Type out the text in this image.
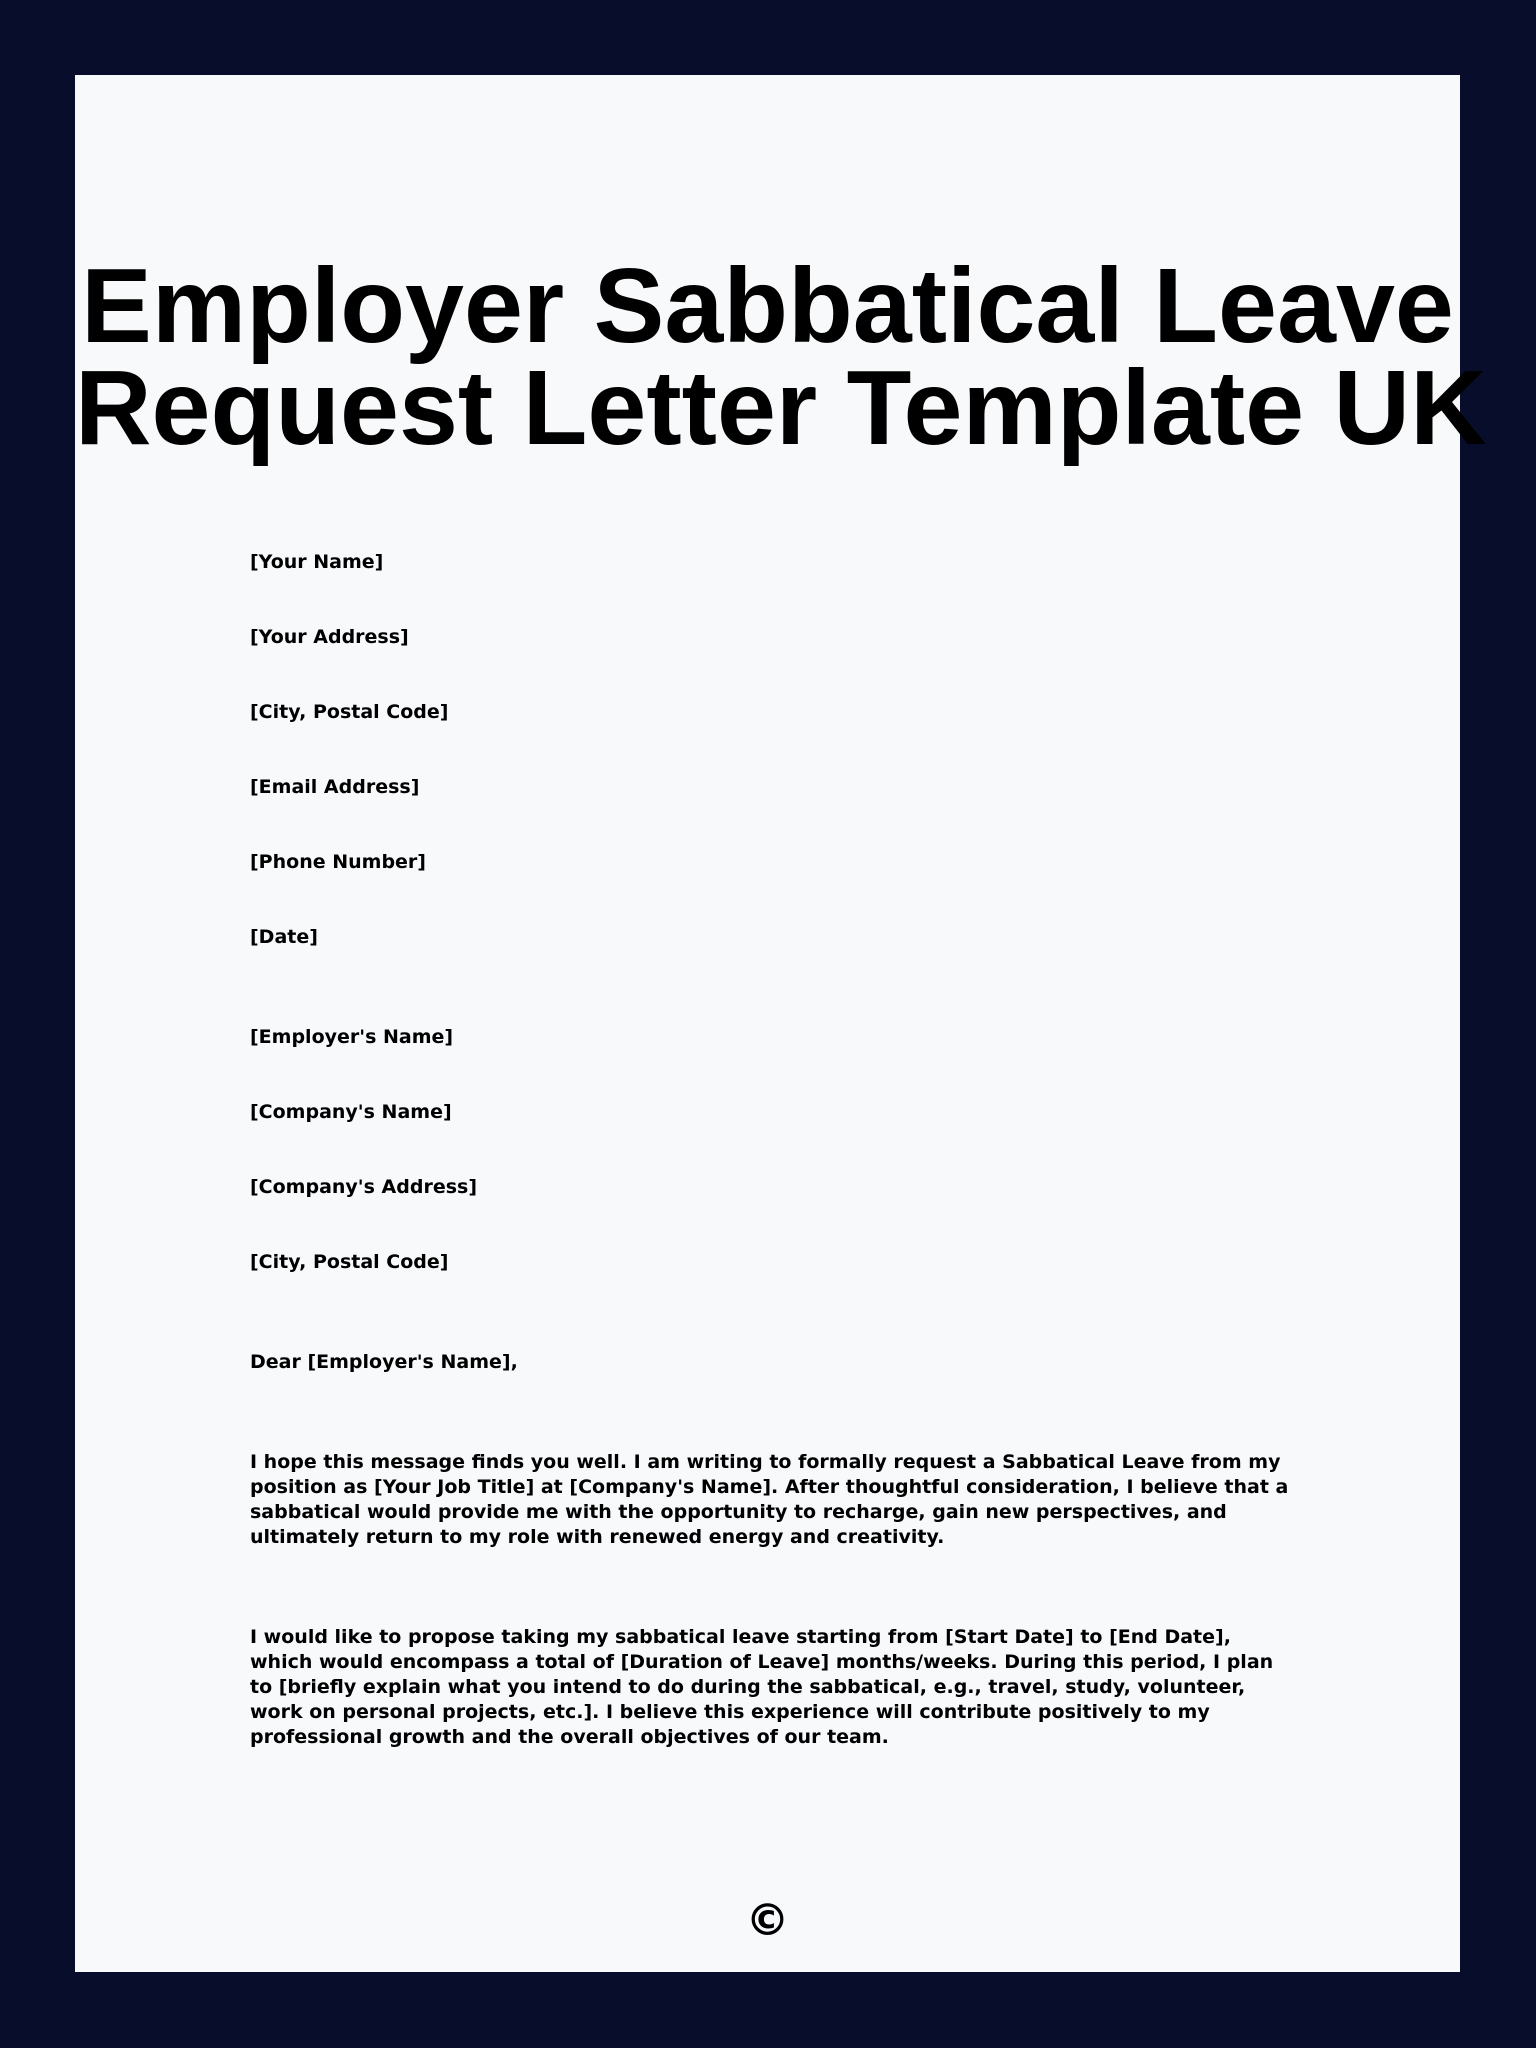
Employer Sabbatical Leave
Request Letter Template UK

[Your Name]

[Your Address]

[City, Postal Code]

[Email Address]

[Phone Number]

[Date]

[Employer's Name]

[Company's Name]

[Company's Address]

[City, Postal Code]

Dear [Employer's Name],

I hope this message finds you well. I am writing to formally request a Sabbatical Leave from my position as [Your Job Title] at [Company's Name]. After thoughtful consideration, I believe that a sabbatical would provide me with the opportunity to recharge, gain new perspectives, and ultimately return to my role with renewed energy and creativity.

I would like to propose taking my sabbatical leave starting from [Start Date] to [End Date], which would encompass a total of [Duration of Leave] months/weeks. During this period, I plan to [briefly explain what you intend to do during the sabbatical, e.g., travel, study, volunteer, work on personal projects, etc.]. I believe this experience will contribute positively to my professional growth and the overall objectives of our team.

©
